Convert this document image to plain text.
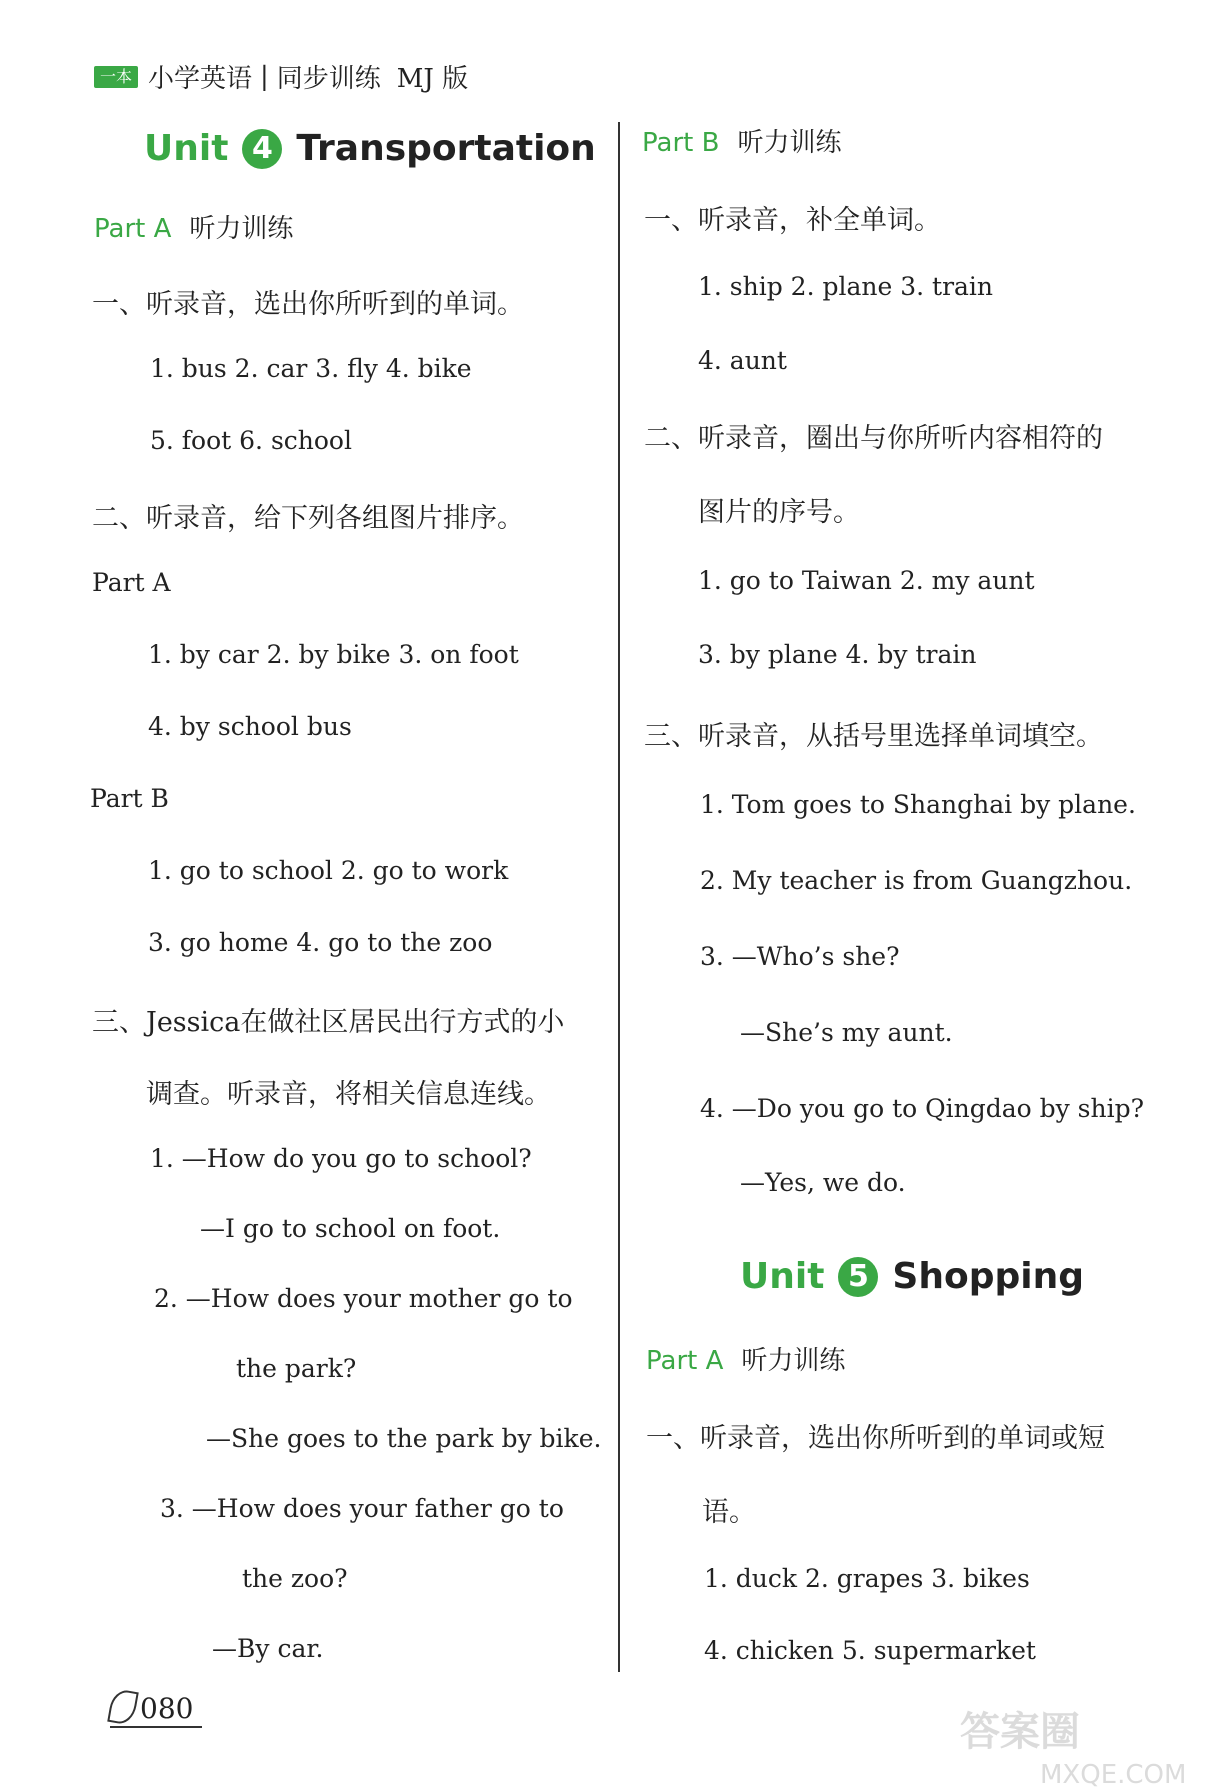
一本 小学英语 | 同步训练 MJ 版
Unit 4 Transportation
Part A 听力训练
一、听录音，选出你所听到的单词。
1. bus 2. car 3. fly 4. bike
5. foot 6. school
二、听录音，给下列各组图片排序。
Part A
1. by car 2. by bike 3. on foot
4. by school bus
Part B
1. go to school 2. go to work
3. go home 4. go to the zoo
三、Jessica在做社区居民出行方式的小
调查。听录音，将相关信息连线。
1. —How do you go to school?
—I go to school on foot.
2. —How does your mother go to
the park?
—She goes to the park by bike.
3. —How does your father go to
the zoo?
—By car.
Part B 听力训练
一、听录音，补全单词。
1. ship 2. plane 3. train
4. aunt
二、听录音，圈出与你所听内容相符的
图片的序号。
1. go to Taiwan 2. my aunt
3. by plane 4. by train
三、听录音，从括号里选择单词填空。
1. Tom goes to Shanghai by plane.
2. My teacher is from Guangzhou.
3. —Who’s she?
—She’s my aunt.
4. —Do you go to Qingdao by ship?
—Yes, we do.
Unit 5 Shopping
Part A 听力训练
一、听录音，选出你所听到的单词或短
语。
1. duck 2. grapes 3. bikes
4. chicken 5. supermarket
080
答案圈
MXQE.COM
